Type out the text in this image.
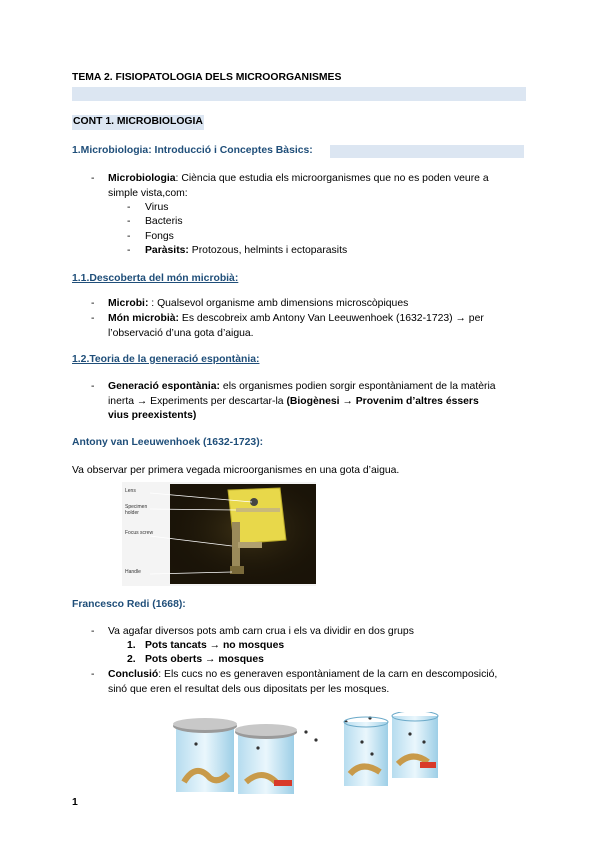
TEMA 2. FISIOPATOLOGIA DELS MICROORGANISMES
CONT 1. MICROBIOLOGIA
1.Microbiologia: Introducció i Conceptes Bàsics:
- Microbiologia: Ciència que estudia els microorganismes que no es poden veure a
simple vista,com:
- Virus
- Bacteris
- Fongs
- Paràsits: Protozous, helmints i ectoparasits
1.1.Descoberta del món microbià:
- Microbi: : Qualsevol organisme amb dimensions microscòpiques
- Món microbià: Es descobreix amb Antony Van Leeuwenhoek (1632-1723) → per
l’observació d’una gota d’aigua.
1.2.Teoria de la generació espontània:
- Generació espontània: els organismes podien sorgir espontàniament de la matèria
inerta → Experiments per descartar-la (Biogènesi → Provenim d’altres éssers
vius preexistents)
Antony van Leeuwenhoek (1632-1723):
Va observar per primera vegada microorganismes en una gota d’aigua.
Lens
Specimen holder
Focus screw
Handle
Francesco Redi (1668):
- Va agafar diversos pots amb carn crua i els va dividir en dos grups
1. Pots tancats → no mosques
2. Pots oberts → mosques
- Conclusió: Els cucs no es generaven espontàniament de la carn en descomposició,
sinó que eren el resultat dels ous dipositats per les mosques.
1
